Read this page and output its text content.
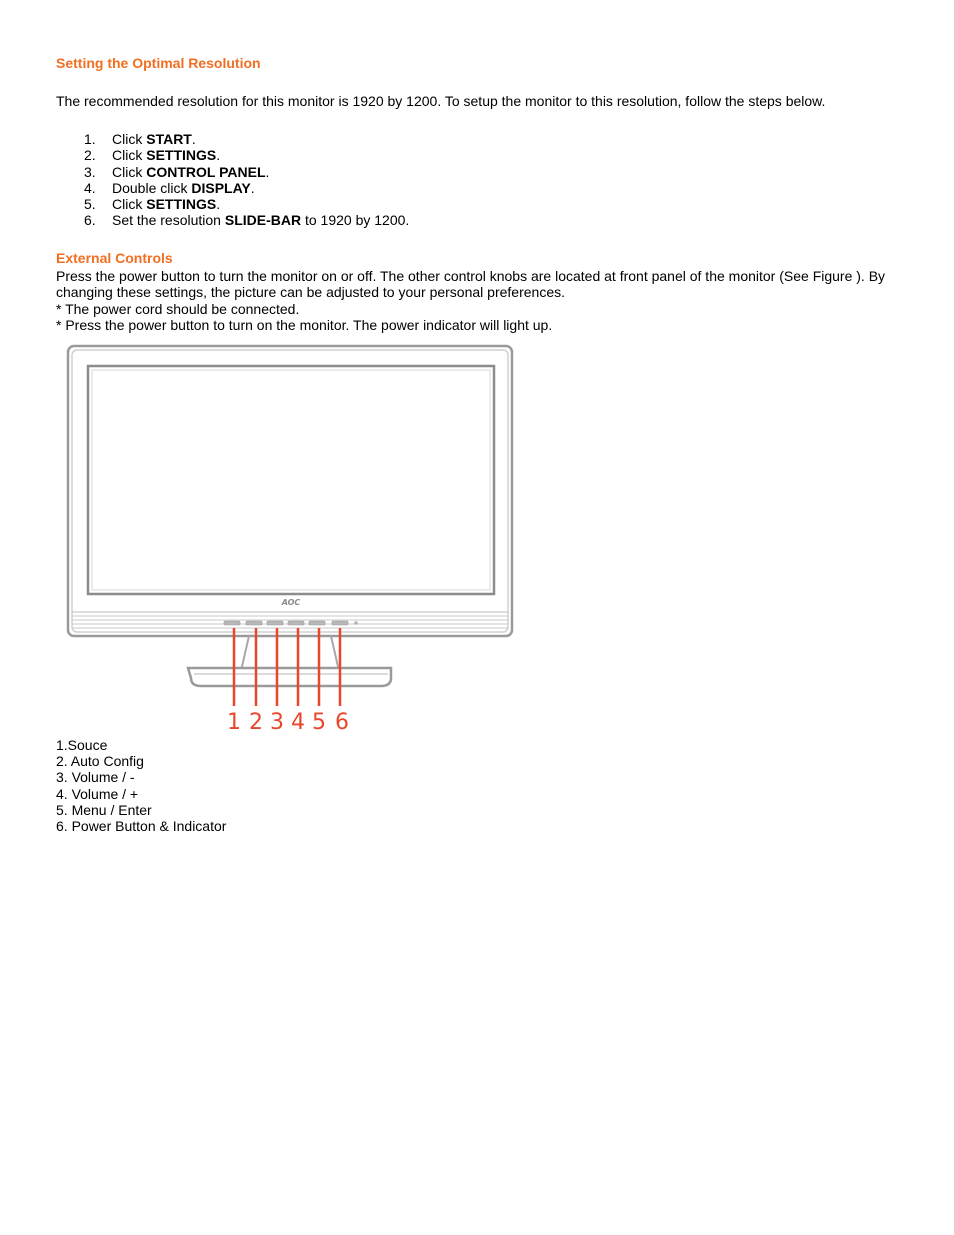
Setting the Optimal Resolution
The recommended resolution for this monitor is 1920 by 1200. To setup the monitor to this resolution, follow the steps below.
1.	Click START.
2.	Click SETTINGS.
3.	Click CONTROL PANEL.
4.	Double click DISPLAY.
5.	Click SETTINGS.
6.	Set the resolution SLIDE-BAR to 1920 by 1200.
External Controls
Press the power button to turn the monitor on or off. The other control knobs are located at front panel of the monitor (See Figure ). By changing these settings, the picture can be adjusted to your personal preferences.
* The power cord should be connected.
* Press the power button to turn on the monitor. The power indicator will light up.
AOC
1 2 3 4 5 6
1.Souce
2. Auto Config
3. Volume / -
4. Volume / +
5. Menu / Enter
6. Power Button & Indicator
